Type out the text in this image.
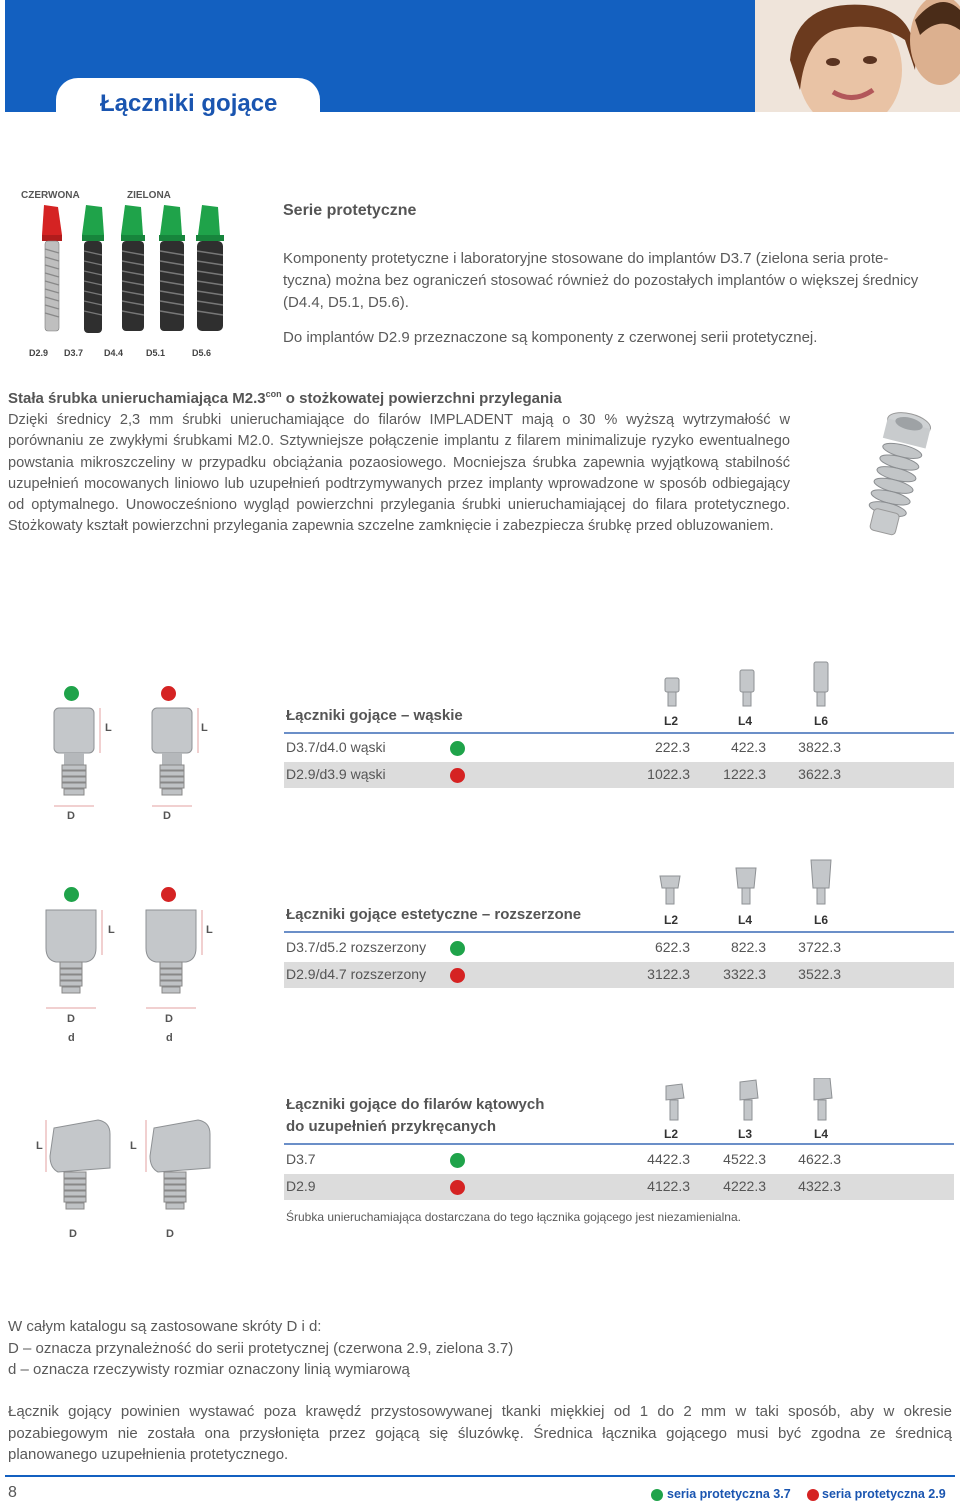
Łączniki gojące
CZERWONA	ZIELONA
D2.9 D3.7 D4.4	D5.1	D5.6
Serie protetyczne
Komponenty protetyczne i laboratoryjne stosowane do implantów D3.7 (zielona seria prote-
tyczna) można bez ograniczeń stosować również do pozostałych implantów o większej średnicy
(D4.4, D5.1, D5.6).
Do implantów D2.9 przeznaczone są komponenty z czerwonej serii protetycznej.
Stała śrubka unieruchamiająca $M2.3^{con}$ o stożkowatej powierzchni przylegania
Dzięki średnicy 2,3 mm śrubki unieruchamiające do filarów IMPLADENT mają o 30 % wyższą wytrzymałość w porównaniu ze zwykłymi śrubkami M2.0. Sztywniejsze połączenie implantu z filarem minimalizuje ryzyko ewentualnego powstania mikroszczeliny w przypadku obciążania pozaosiowego. Mocniejsza śrubka zapewnia wyjątkową stabilność uzupełnień mocowanych liniowo lub uzupełnień podtrzymywanych przez implanty wprowadzone w sposób odbiegający od optymalnego. Unowocześniono wygląd powierzchni przylegania śrubki unieruchamiającej do filara protetycznego. Stożkowaty kształt powierzchni przylegania zapewnia szczelne zamknięcie i zabezpiecza śrubkę przed obluzowaniem.
L	L
D	D
Łączniki gojące – wąskie	L2	L4	L6
D3.7/d4.0 wąski	222.3	422.3	3822.3
D2.9/d3.9 wąski	1022.3	1222.3	3622.3
L	L
D	D
d	d
Łączniki gojące estetyczne – rozszerzone	L2	L4	L6
D3.7/d5.2 rozszerzony	622.3	822.3	3722.3
D2.9/d4.7 rozszerzony	3122.3	3322.3	3522.3
L	L
D	D
Łączniki gojące do filarów kątowych
do uzupełnień przykręcanych	L2	L3	L4
D3.7	4422.3	4522.3	4622.3
D2.9	4122.3	4222.3	4322.3
Śrubka unieruchamiająca dostarczana do tego łącznika gojącego jest niezamienialna.
W całym katalogu są zastosowane skróty D i d:
D – oznacza przynależność do serii protetycznej (czerwona 2.9, zielona 3.7)
d – oznacza rzeczywisty rozmiar oznaczony linią wymiarową
Łącznik gojący powinien wystawać poza krawędź przystosowywanej tkanki miękkiej od 1 do 2 mm w taki sposób, aby w okresie pozabiegowym nie została ona przysłonięta przez gojącą się śluzówkę. Średnica łącznika gojącego musi być zgodna ze średnicą planowanego uzupełnienia protetycznego.
8	seria protetyczna 3.7	seria protetyczna 2.9
